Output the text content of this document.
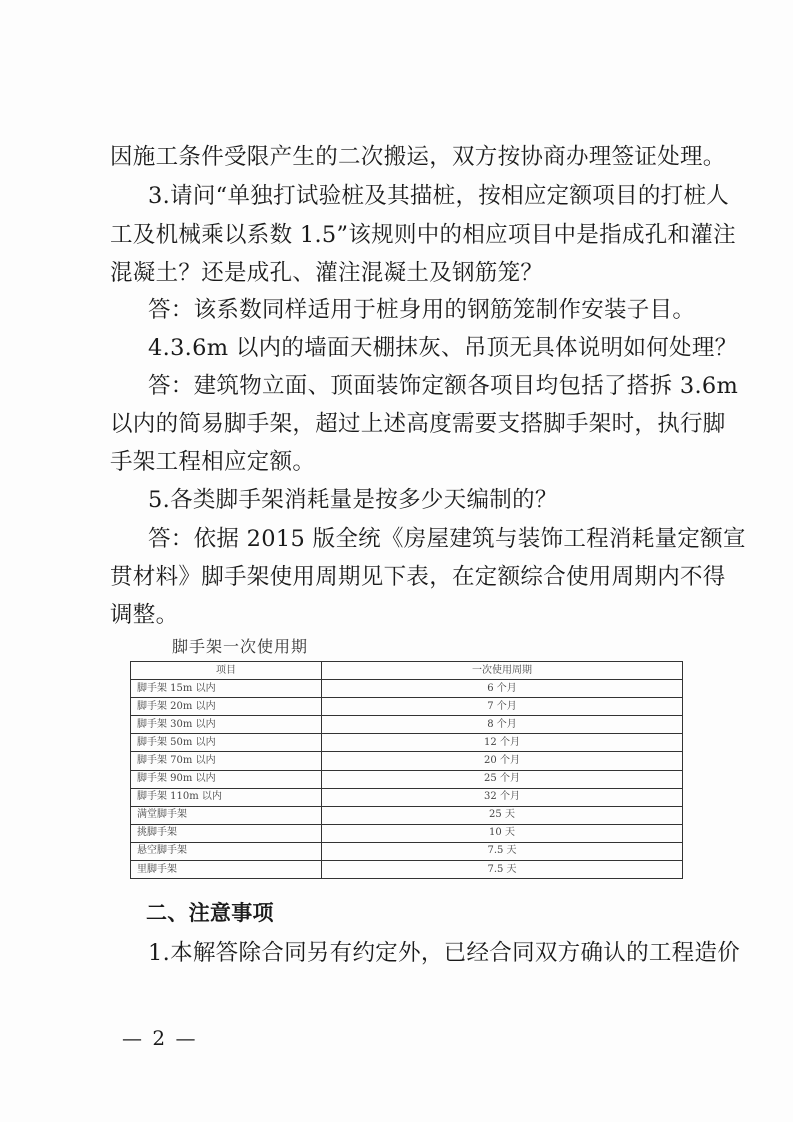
因施工条件受限产生的二次搬运，双方按协商办理签证处理。
3.请问“单独打试验桩及其描桩，按相应定额项目的打桩人
工及机械乘以系数 1.5”该规则中的相应项目中是指成孔和灌注
混凝土？还是成孔、灌注混凝土及钢筋笼？
答：该系数同样适用于桩身用的钢筋笼制作安装子目。
4.3.6m 以内的墙面天棚抹灰、吊顶无具体说明如何处理？
答：建筑物立面、顶面装饰定额各项目均包括了搭拆 3.6m
以内的简易脚手架，超过上述高度需要支搭脚手架时，执行脚
手架工程相应定额。
5.各类脚手架消耗量是按多少天编制的？
答：依据 2015 版全统《房屋建筑与装饰工程消耗量定额宣
贯材料》脚手架使用周期见下表，在定额综合使用周期内不得
调整。
脚手架一次使用期
项目	一次使用周期
脚手架 15m 以内	6 个月
脚手架 20m 以内	7 个月
脚手架 30m 以内	8 个月
脚手架 50m 以内	12 个月
脚手架 70m 以内	20 个月
脚手架 90m 以内	25 个月
脚手架 110m 以内	32 个月
满堂脚手架	25 天
挑脚手架	10 天
悬空脚手架	7.5 天
里脚手架	7.5 天
二、注意事项
1.本解答除合同另有约定外，已经合同双方确认的工程造价
— 2 —
